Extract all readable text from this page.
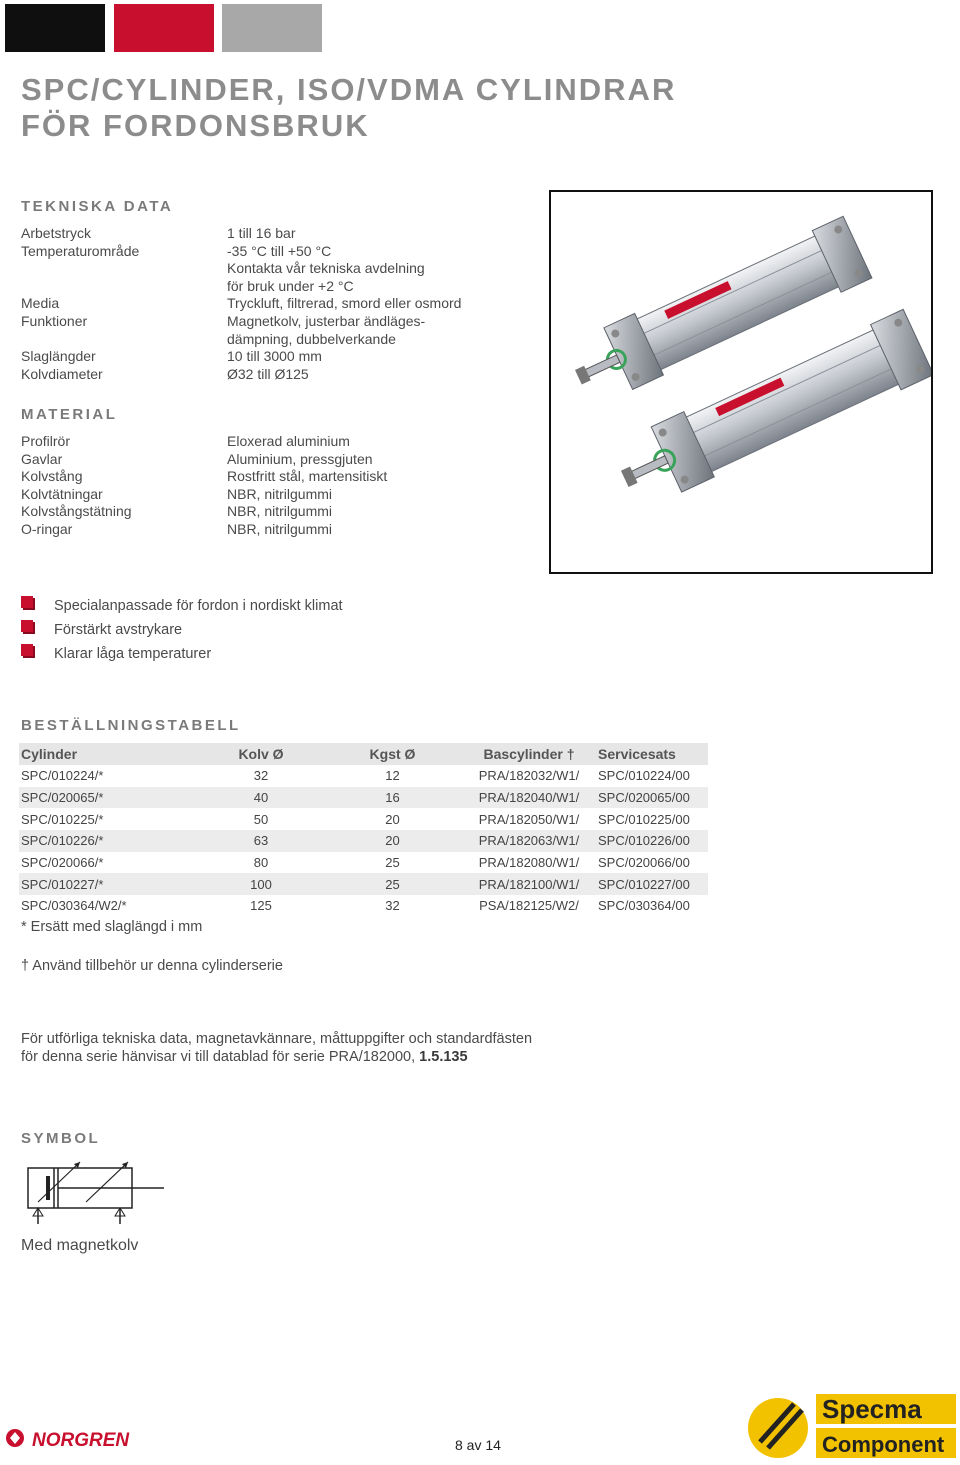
SPC/CYLINDER, ISO/VDMA CYLINDRAR
FÖR FORDONSBRUK
TEKNISKA DATA
Arbetstryck	1 till 16 bar
Temperaturområde	-35 °C till +50 °C
Kontakta vår tekniska avdelning
för bruk under +2 °C
Media	Tryckluft, filtrerad, smord eller osmord
Funktioner	Magnetkolv, justerbar ändläges-
dämpning, dubbelverkande
Slaglängder	10 till 3000 mm
Kolvdiameter	Ø32 till Ø125
MATERIAL
Profilrör	Eloxerad aluminium
Gavlar	Aluminium, pressgjuten
Kolvstång	Rostfritt stål, martensitiskt
Kolvtätningar	NBR, nitrilgummi
Kolvstångstätning	NBR, nitrilgummi
O-ringar	NBR, nitrilgummi
Specialanpassade för fordon i nordiskt klimat
Förstärkt avstrykare
Klarar låga temperaturer
BESTÄLLNINGSTABELL
Cylinder	Kolv Ø	Kgst Ø	Bascylinder †	Servicesats
SPC/010224/*	32	12	PRA/182032/W1/	SPC/010224/00
SPC/020065/*	40	16	PRA/182040/W1/	SPC/020065/00
SPC/010225/*	50	20	PRA/182050/W1/	SPC/010225/00
SPC/010226/*	63	20	PRA/182063/W1/	SPC/010226/00
SPC/020066/*	80	25	PRA/182080/W1/	SPC/020066/00
SPC/010227/*	100	25	PRA/182100/W1/	SPC/010227/00
SPC/030364/W2/*	125	32	PSA/182125/W2/	SPC/030364/00
* Ersätt med slaglängd i mm
† Använd tillbehör ur denna cylinderserie
För utförliga tekniska data, magnetavkännare, måttuppgifter och standardfästen
för denna serie hänvisar vi till datablad för serie PRA/182000, 1.5.135
SYMBOL
Med magnetkolv
NORGREN	8 av 14
Specma
Component
